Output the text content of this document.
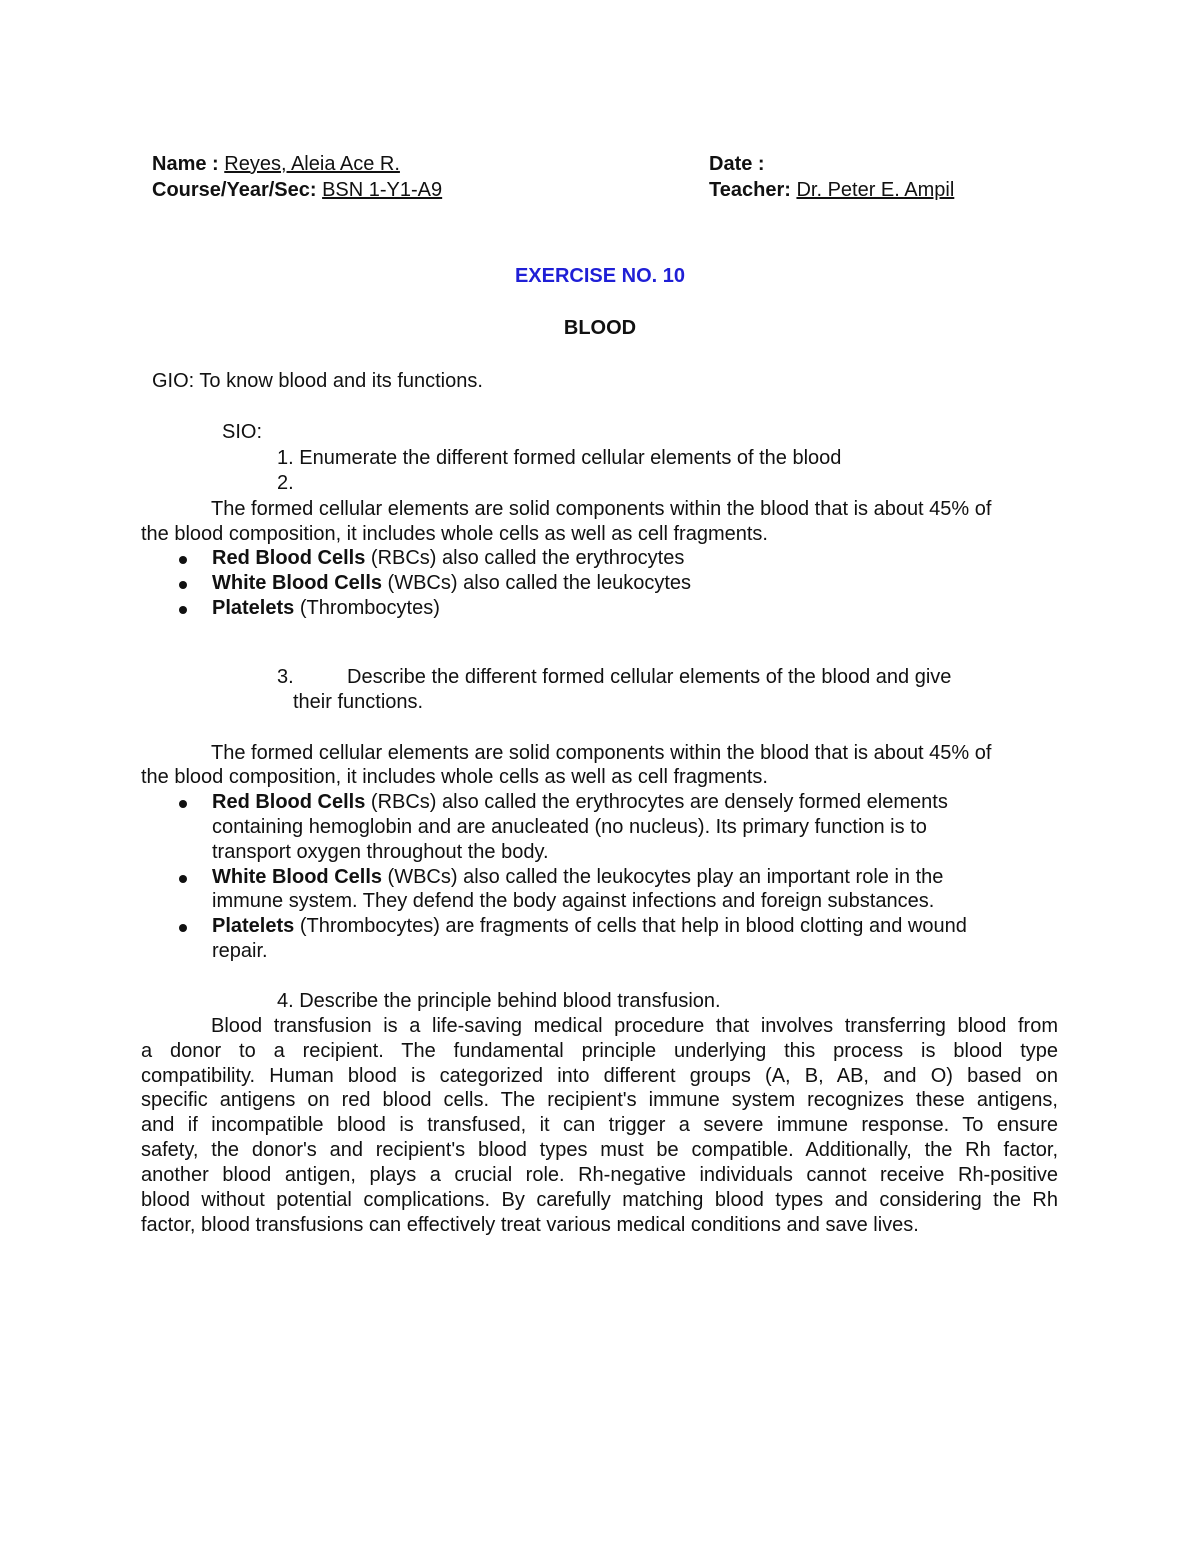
Name : Reyes, Aleia Ace R.	Date :
Course/Year/Sec: BSN 1-Y1-A9	Teacher: Dr. Peter E. Ampil
EXERCISE NO. 10
BLOOD
GIO: To know blood and its functions.
SIO:
1. Enumerate the different formed cellular elements of the blood
2.
The formed cellular elements are solid components within the blood that is about 45% of
the blood composition, it includes whole cells as well as cell fragments.
Red Blood Cells (RBCs) also called the erythrocytes
White Blood Cells (WBCs) also called the leukocytes
Platelets (Thrombocytes)
3.	Describe the different formed cellular elements of the blood and give
their functions.
The formed cellular elements are solid components within the blood that is about 45% of
the blood composition, it includes whole cells as well as cell fragments.
Red Blood Cells (RBCs) also called the erythrocytes are densely formed elements
containing hemoglobin and are anucleated (no nucleus). Its primary function is to
transport oxygen throughout the body.
White Blood Cells (WBCs) also called the leukocytes play an important role in the
immune system. They defend the body against infections and foreign substances.
Platelets (Thrombocytes) are fragments of cells that help in blood clotting and wound
repair.
4. Describe the principle behind blood transfusion.
Blood transfusion is a life-saving medical procedure that involves transferring blood from
a donor to a recipient. The fundamental principle underlying this process is blood type
compatibility. Human blood is categorized into different groups (A, B, AB, and O) based on
specific antigens on red blood cells. The recipient's immune system recognizes these antigens,
and if incompatible blood is transfused, it can trigger a severe immune response. To ensure
safety, the donor's and recipient's blood types must be compatible. Additionally, the Rh factor,
another blood antigen, plays a crucial role. Rh-negative individuals cannot receive Rh-positive
blood without potential complications. By carefully matching blood types and considering the Rh
factor, blood transfusions can effectively treat various medical conditions and save lives.
